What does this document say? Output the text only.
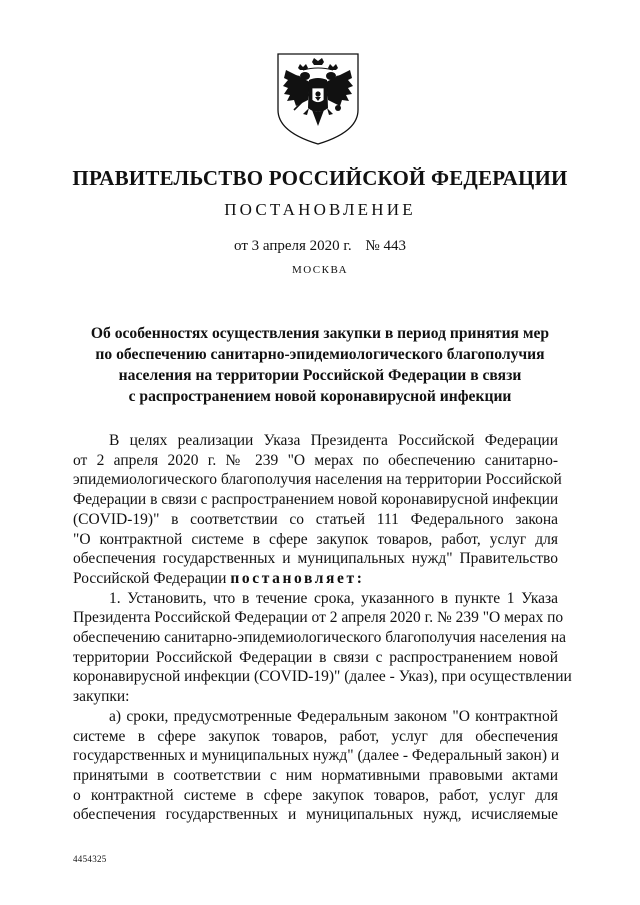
ПРАВИТЕЛЬСТВО РОССИЙСКОЙ ФЕДЕРАЦИИ
ПОСТАНОВЛЕНИЕ
от 3 апреля 2020 г. № 443
МОСКВА
Об особенностях осуществления закупки в период принятия мер
по обеспечению санитарно-эпидемиологического благополучия
населения на территории Российской Федерации в связи
с распространением новой коронавирусной инфекции
В целях реализации Указа Президента Российской Федерации
от 2 апреля 2020 г. № 239 "О мерах по обеспечению санитарно-
эпидемиологического благополучия населения на территории Российской
Федерации в связи с распространением новой коронавирусной инфекции
(COVID-19)" в соответствии со статьей 111 Федерального закона
"О контрактной системе в сфере закупок товаров, работ, услуг для
обеспечения государственных и муниципальных нужд" Правительство
Российской Федерации постановляет:
1. Установить, что в течение срока, указанного в пункте 1 Указа
Президента Российской Федерации от 2 апреля 2020 г. № 239 "О мерах по
обеспечению санитарно-эпидемиологического благополучия населения на
территории Российской Федерации в связи с распространением новой
коронавирусной инфекции (COVID-19)" (далее - Указ), при осуществлении
закупки:
а) сроки, предусмотренные Федеральным законом "О контрактной
системе в сфере закупок товаров, работ, услуг для обеспечения
государственных и муниципальных нужд" (далее - Федеральный закон) и
принятыми в соответствии с ним нормативными правовыми актами
о контрактной системе в сфере закупок товаров, работ, услуг для
обеспечения государственных и муниципальных нужд, исчисляемые
4454325
